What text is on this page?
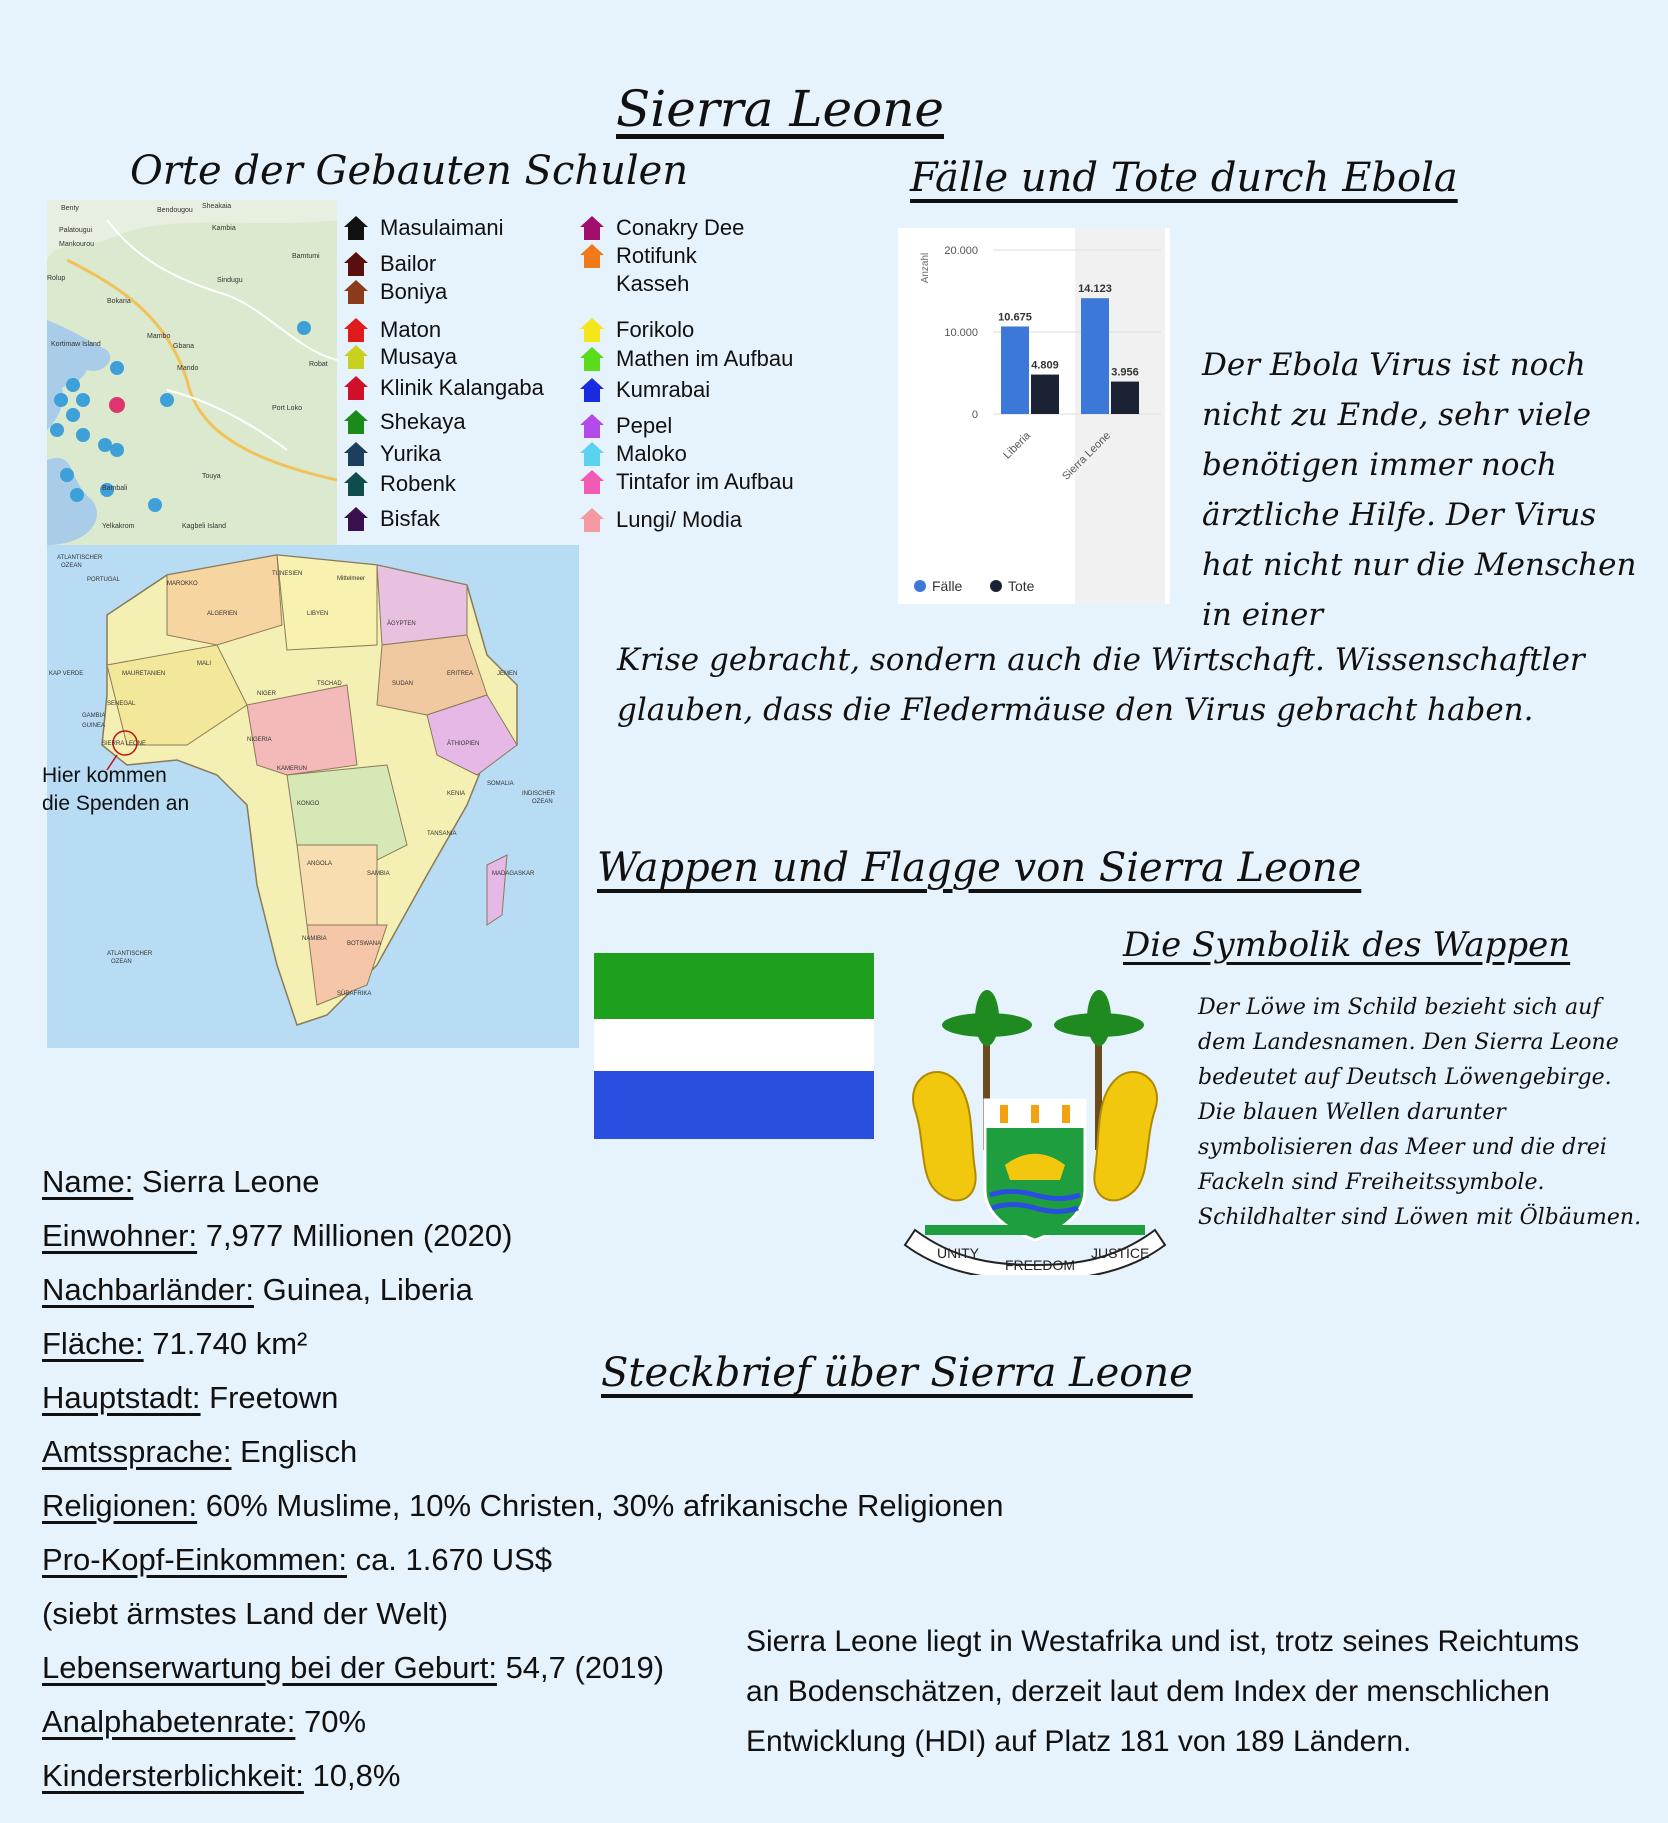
Sierra Leone
Orte der Gebauten Schulen
Benty	Bendougou
Sheakaia
Kambia
Palatougui
Mankourou
Bamtumi
Rolup	Sindugu
Bokaria
Mambo
Kortimaw Island	Gbana
Mando
Robat
Port Loko
Touya
Bambali
Yelkakrom	Kagbeli Island
Masulaimani
Bailor
Boniya
Maton
Musaya
Klinik Kalangaba
Shekaya
Yurika
Robenk
Bisfak
Conakry Dee
Rotifunk
Kasseh
Forikolo
Mathen im Aufbau
Kumrabai
Pepel
Maloko
Tintafor im Aufbau
Lungi/ Modia
ATLANTISCHER
OZEAN
PORTUGAL
MAROKKO
ALGERIEN
TUNESIEN
LIBYEN
ÄGYPTEN
Mittelmeer
MAURETANIEN
MALI
NIGER
TSCHAD	SUDAN
ERITREA	JEMEN
KAP VERDE
SENEGAL
GAMBIA
GUINEA
SIERRA LEONE
NIGERIA
ÄTHIOPIEN
SOMALIA
KENIA
KAMERUN
KONGO
ANGOLA
SAMBIA
NAMIBIA
BOTSWANA
SÜDAFRIKA
MADAGASKAR
TANSANIA
INDISCHER
OZEAN
ATLANTISCHER
OZEAN
Hier kommen die Spenden an
Fälle und Tote durch Ebola
20.000
10.000
0
Anzahl
10.675
4.809
Liberia
14.123
3.956
Sierra Leone
Fälle	Tote
Der Ebola Virus ist noch nicht zu Ende, sehr viele benötigen immer noch ärztliche Hilfe. Der Virus hat nicht nur die Menschen in einer
Krise gebracht, sondern auch die Wirtschaft. Wissenschaftler glauben, dass die Fledermäuse den Virus gebracht haben.
Wappen und Flagge von Sierra Leone
Die Symbolik des Wappen
UNITY
FREEDOM
JUSTICE
Der Löwe im Schild bezieht sich auf dem Landesnamen. Den Sierra Leone bedeutet auf Deutsch Löwengebirge. Die blauen Wellen darunter symbolisieren das Meer und die drei Fackeln sind Freiheitssymbole. Schildhalter sind Löwen mit Ölbäumen.
Steckbrief über Sierra Leone
Name: Sierra Leone
Einwohner: 7,977 Millionen (2020)
Nachbarländer: Guinea, Liberia
Fläche: 71.740 km²
Hauptstadt: Freetown
Amtssprache: Englisch
Religionen: 60% Muslime, 10% Christen, 30% afrikanische Religionen
Pro-Kopf-Einkommen: ca. 1.670 US$
(siebt ärmstes Land der Welt)
Lebenserwartung bei der Geburt: 54,7 (2019)
Analphabetenrate: 70%
Kindersterblichkeit: 10,8%
Sierra Leone liegt in Westafrika und ist, trotz seines Reichtums an Bodenschätzen, derzeit laut dem Index der menschlichen Entwicklung (HDI) auf Platz 181 von 189 Ländern.
